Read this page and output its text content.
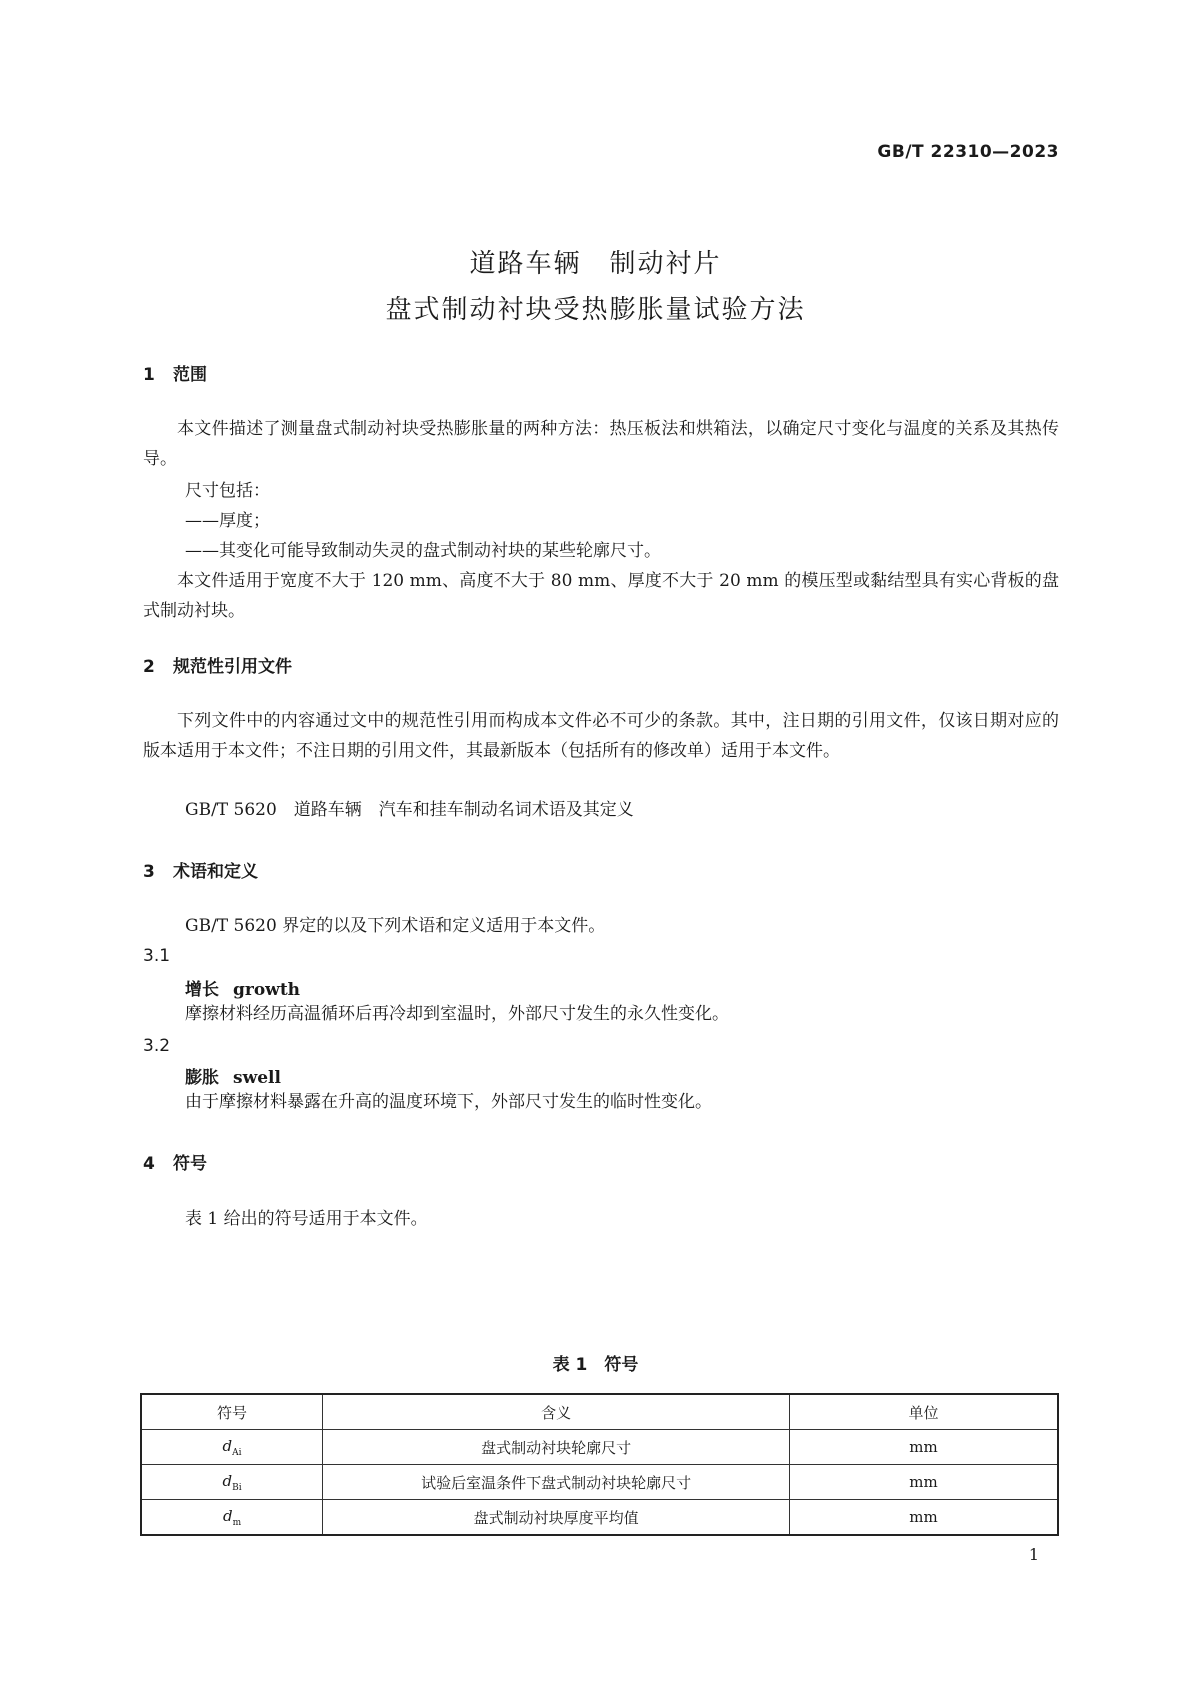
GB/T 22310—2023
道路车辆　制动衬片
盘式制动衬块受热膨胀量试验方法
1 范围
本文件描述了测量盘式制动衬块受热膨胀量的两种方法：热压板法和烘箱法，以确定尺寸变化与温度的关系及其热传导。
尺寸包括：
——厚度；
——其变化可能导致制动失灵的盘式制动衬块的某些轮廓尺寸。
本文件适用于宽度不大于 120 mm、高度不大于 80 mm、厚度不大于 20 mm 的模压型或黏结型具有实心背板的盘式制动衬块。
2 规范性引用文件
下列文件中的内容通过文中的规范性引用而构成本文件必不可少的条款。其中，注日期的引用文件，仅该日期对应的版本适用于本文件；不注日期的引用文件，其最新版本（包括所有的修改单）适用于本文件。
GB/T 5620　道路车辆　汽车和挂车制动名词术语及其定义
3 术语和定义
GB/T 5620 界定的以及下列术语和定义适用于本文件。
3.1
增长 growth
摩擦材料经历高温循环后再冷却到室温时，外部尺寸发生的永久性变化。
3.2
膨胀 swell
由于摩擦材料暴露在升高的温度环境下，外部尺寸发生的临时性变化。
4 符号
表 1 给出的符号适用于本文件。
表 1　符号
符号	含义	单位
$d_{Ai}$	盘式制动衬块轮廓尺寸	mm
$d_{Bi}$	试验后室温条件下盘式制动衬块轮廓尺寸	mm
$d_m$	盘式制动衬块厚度平均值	mm
1
